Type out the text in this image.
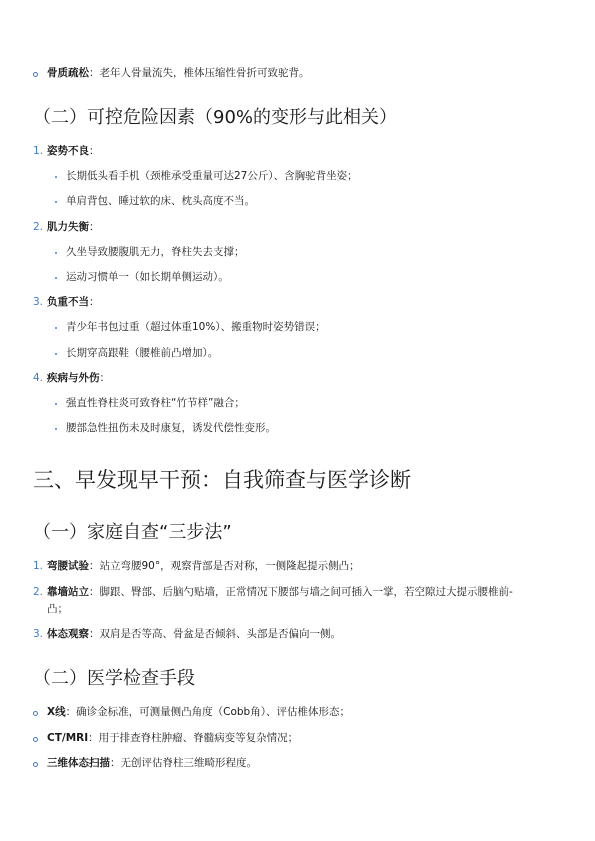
骨质疏松：老年人骨量流失，椎体压缩性骨折可致驼背。
（二）可控危险因素（90%的变形与此相关）
1. 姿势不良：
长期低头看手机（颈椎承受重量可达27公斤）、含胸驼背坐姿；
单肩背包、睡过软的床、枕头高度不当。
2. 肌力失衡：
久坐导致腰腹肌无力，脊柱失去支撑；
运动习惯单一（如长期单侧运动）。
3. 负重不当：
青少年书包过重（超过体重10%）、搬重物时姿势错误；
长期穿高跟鞋（腰椎前凸增加）。
4. 疾病与外伤：
强直性脊柱炎可致脊柱“竹节样”融合；
腰部急性扭伤未及时康复，诱发代偿性变形。
三、早发现早干预：自我筛查与医学诊断
（一）家庭自查“三步法”
1. 弯腰试验：站立弯腰90°，观察背部是否对称，一侧隆起提示侧凸；
2. 靠墙站立：脚跟、臀部、后脑勺贴墙，正常情况下腰部与墙之间可插入一掌，若空隙过大提示腰椎前-
凸；
3. 体态观察：双肩是否等高、骨盆是否倾斜、头部是否偏向一侧。
（二）医学检查手段
X线：确诊金标准，可测量侧凸角度（Cobb角）、评估椎体形态；
CT/MRI：用于排查脊柱肿瘤、脊髓病变等复杂情况；
三维体态扫描：无创评估脊柱三维畸形程度。
